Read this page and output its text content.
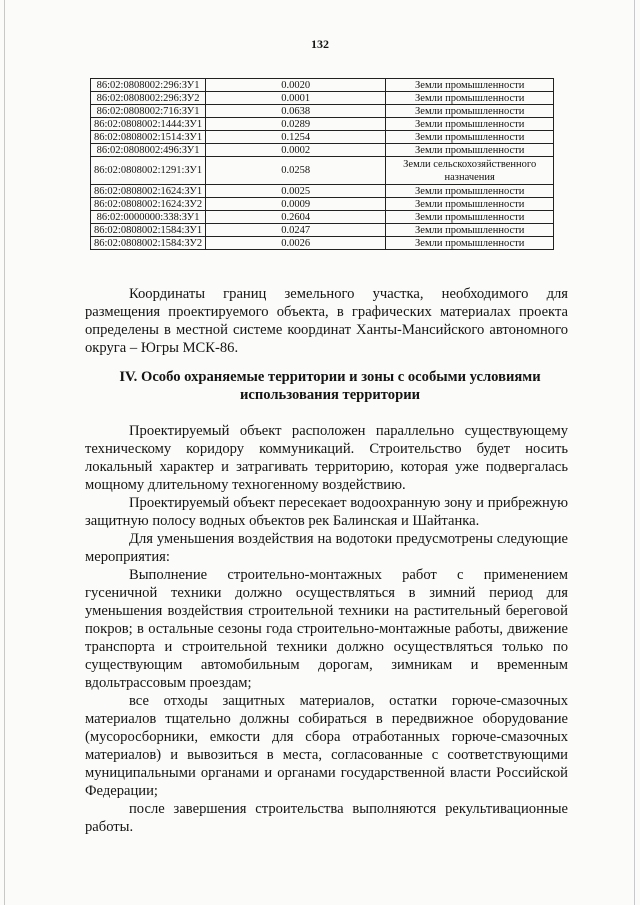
132
86:02:0808002:296:ЗУ1	0.0020	Земли промышленности
86:02:0808002:296:ЗУ2	0.0001	Земли промышленности
86:02:0808002:716:ЗУ1	0.0638	Земли промышленности
86:02:0808002:1444:ЗУ1	0.0289	Земли промышленности
86:02:0808002:1514:ЗУ1	0.1254	Земли промышленности
86:02:0808002:496:ЗУ1	0.0002	Земли промышленности
86:02:0808002:1291:ЗУ1	0.0258	Земли сельскохозяйственного назначения
86:02:0808002:1624:ЗУ1	0.0025	Земли промышленности
86:02:0808002:1624:ЗУ2	0.0009	Земли промышленности
86:02:0000000:338:ЗУ1	0.2604	Земли промышленности
86:02:0808002:1584:ЗУ1	0.0247	Земли промышленности
86:02:0808002:1584:ЗУ2	0.0026	Земли промышленности
Координаты границ земельного участка, необходимого для размещения проектируемого объекта, в графических материалах проекта определены в местной системе координат Ханты-Мансийского автономного округа – Югры МСК-86.
IV. Особо охраняемые территории и зоны с особыми условиями использования территории

Проектируемый объект расположен параллельно существующему техническому коридору коммуникаций. Строительство будет носить локальный характер и затрагивать территорию, которая уже подвергалась мощному длительному техногенному воздействию.

Проектируемый объект пересекает водоохранную зону и прибрежную защитную полосу водных объектов рек Балинская и Шайтанка.

Для уменьшения воздействия на водотоки предусмотрены следующие мероприятия:

Выполнение строительно-монтажных работ с применением гусеничной техники должно осуществляться в зимний период для уменьшения воздействия строительной техники на растительный береговой покров; в остальные сезоны года строительно-монтажные работы, движение транспорта и строительной техники должно осуществляться только по существующим автомобильным дорогам, зимникам и временным вдольтрассовым проездам;

все отходы защитных материалов, остатки горюче-смазочных материалов тщательно должны собираться в передвижное оборудование (мусоросборники, емкости для сбора отработанных горюче-смазочных материалов) и вывозиться в места, согласованные с соответствующими муниципальными органами и органами государственной власти Российской Федерации;

после завершения строительства выполняются рекультивационные работы.
